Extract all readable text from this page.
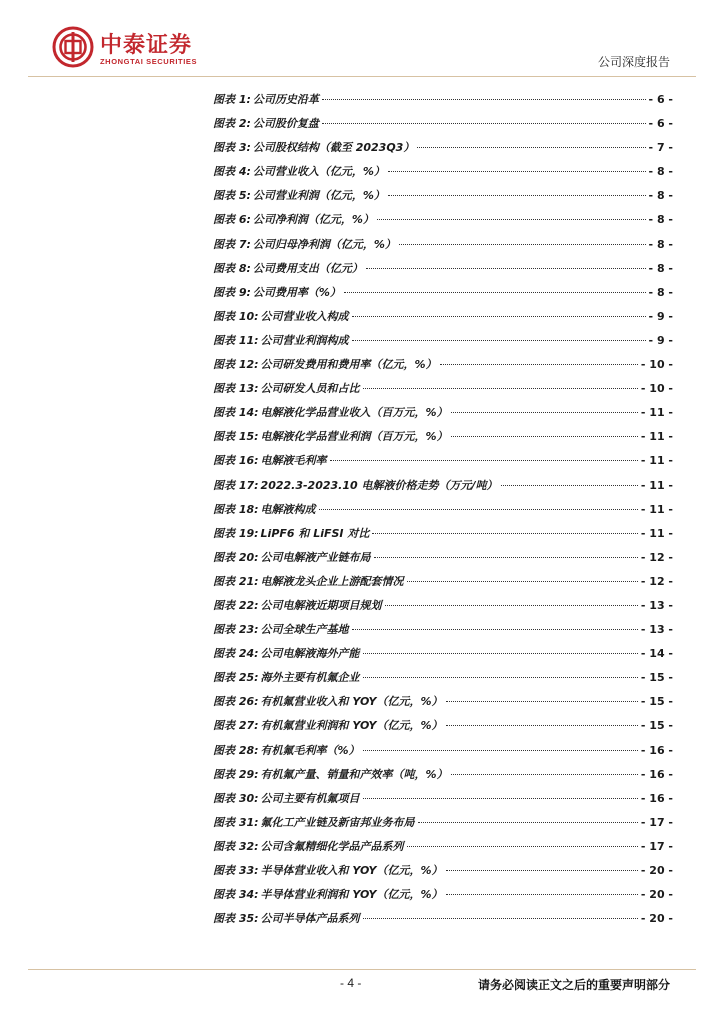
中泰证券
ZHONGTAI SECURITIES	公司深度报告
图表 1: 公司历史沿革	- 6 -
图表 2: 公司股价复盘	- 6 -
图表 3: 公司股权结构（截至 2023Q3）	- 7 -
图表 4: 公司营业收入（亿元，%）	- 8 -
图表 5: 公司营业利润（亿元，%）	- 8 -
图表 6: 公司净利润（亿元，%）	- 8 -
图表 7: 公司归母净利润（亿元，%）	- 8 -
图表 8: 公司费用支出（亿元）	- 8 -
图表 9: 公司费用率（%）	- 8 -
图表 10: 公司营业收入构成	- 9 -
图表 11: 公司营业利润构成	- 9 -
图表 12: 公司研发费用和费用率（亿元，%）	- 10 -
图表 13: 公司研发人员和占比	- 10 -
图表 14: 电解液化学品营业收入（百万元，%）	- 11 -
图表 15: 电解液化学品营业利润（百万元，%）	- 11 -
图表 16: 电解液毛利率	- 11 -
图表 17: 2022.3-2023.10 电解液价格走势（万元/吨）	- 11 -
图表 18: 电解液构成	- 11 -
图表 19: LiPF6 和 LiFSI 对比	- 11 -
图表 20: 公司电解液产业链布局	- 12 -
图表 21: 电解液龙头企业上游配套情况	- 12 -
图表 22: 公司电解液近期项目规划	- 13 -
图表 23: 公司全球生产基地	- 13 -
图表 24: 公司电解液海外产能	- 14 -
图表 25: 海外主要有机氟企业	- 15 -
图表 26: 有机氟营业收入和 YOY（亿元，%）	- 15 -
图表 27: 有机氟营业利润和 YOY（亿元，%）	- 15 -
图表 28: 有机氟毛利率（%）	- 16 -
图表 29: 有机氟产量、销量和产效率（吨，%）	- 16 -
图表 30: 公司主要有机氟项目	- 16 -
图表 31: 氟化工产业链及新宙邦业务布局	- 17 -
图表 32: 公司含氟精细化学品产品系列	- 17 -
图表 33: 半导体营业收入和 YOY（亿元，%）	- 20 -
图表 34: 半导体营业利润和 YOY（亿元，%）	- 20 -
图表 35: 公司半导体产品系列	- 20 -
- 4 -	请务必阅读正文之后的重要声明部分
